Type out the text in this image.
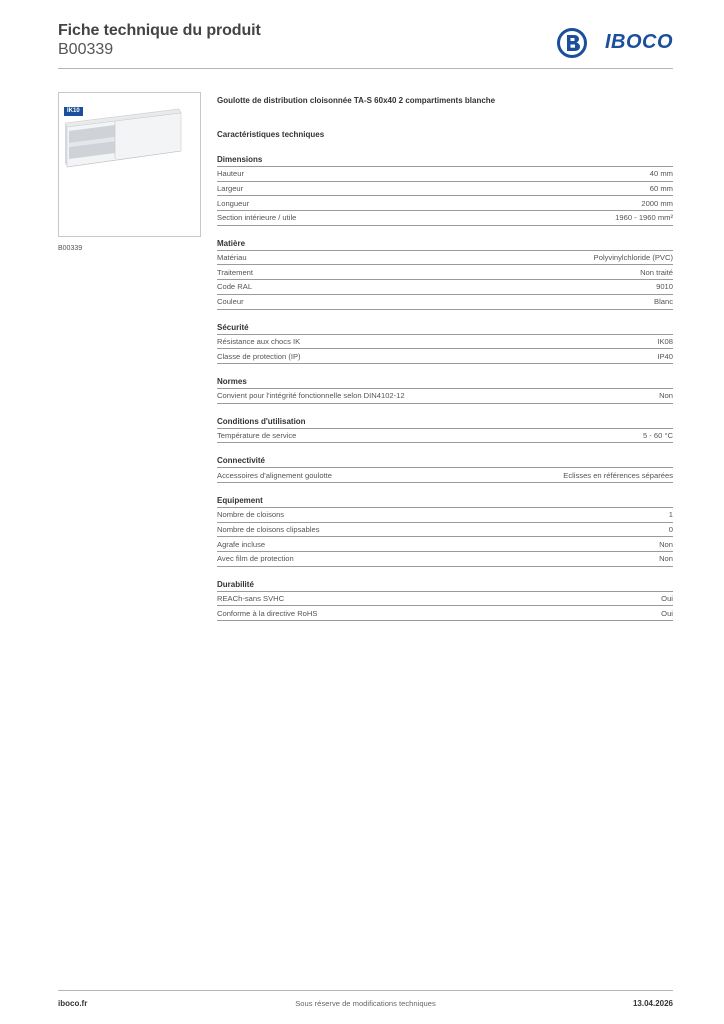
Fiche technique du produit
B00339	IBOCO
IK10
B00339
Goulotte de distribution cloisonnée TA-S 60x40 2 compartiments blanche
Caractéristiques techniques
Dimensions
Hauteur	40 mm
Largeur	60 mm
Longueur	2000 mm
Section intérieure / utile	1960 - 1960 mm²
Matière
Matériau	Polyvinylchloride (PVC)
Traitement	Non traité
Code RAL	9010
Couleur	Blanc
Sécurité
Résistance aux chocs IK	IK08
Classe de protection (IP)	IP40
Normes
Convient pour l'intégrité fonctionnelle selon DIN4102-12	Non
Conditions d'utilisation
Température de service	5 - 60 °C
Connectivité
Accessoires d'alignement goulotte	Eclisses en références séparées
Equipement
Nombre de cloisons	1
Nombre de cloisons clipsables	0
Agrafe incluse	Non
Avec film de protection	Non
Durabilité
REACh-sans SVHC	Oui
Conforme à la directive RoHS	Oui
iboco.fr	Sous réserve de modifications techniques	13.04.2026
